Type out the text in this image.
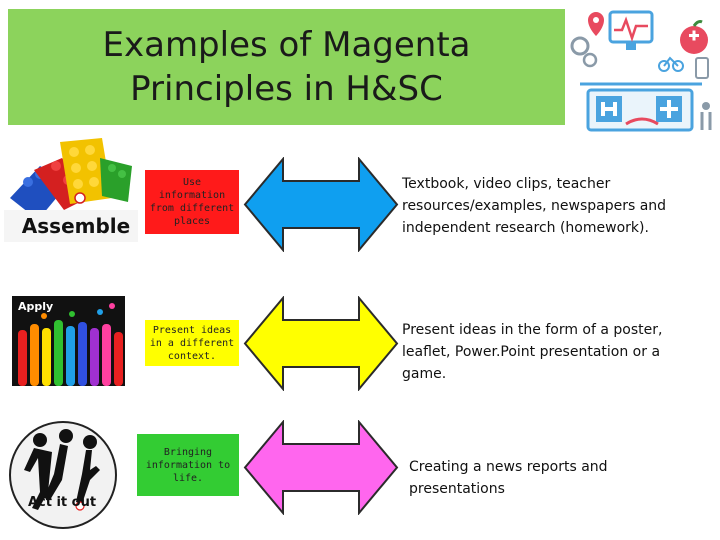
Examples of Magenta
Principles in H&SC
Assemble
Apply
Act it out
Use information from different places
Textbook, video clips, teacher resources/examples, newspapers and independent research (homework).
Present ideas in a different context.
Present ideas in the form of a poster, leaflet, Power.Point presentation or a game.
Bringing information to life.
Creating a news reports and presentations
